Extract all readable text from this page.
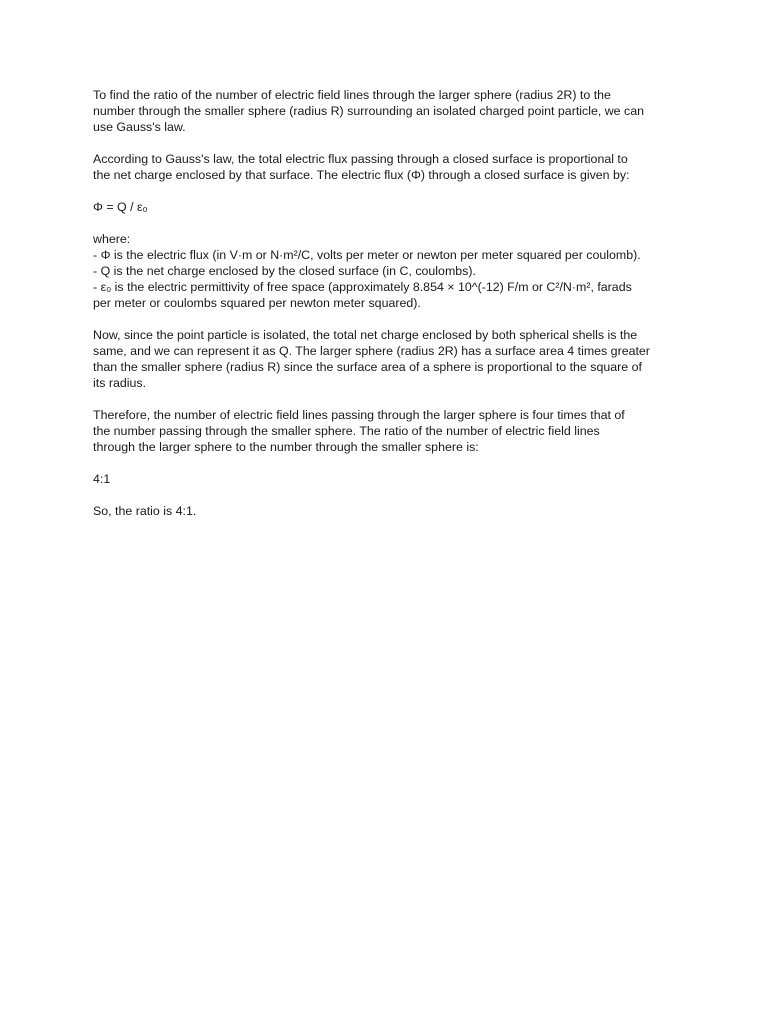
To find the ratio of the number of electric field lines through the larger sphere (radius 2R) to the
number through the smaller sphere (radius R) surrounding an isolated charged point particle, we can
use Gauss's law.

According to Gauss's law, the total electric flux passing through a closed surface is proportional to
the net charge enclosed by that surface. The electric flux (Φ) through a closed surface is given by:

Φ = Q / ε₀

where:
- Φ is the electric flux (in V·m or N·m²/C, volts per meter or newton per meter squared per coulomb).
- Q is the net charge enclosed by the closed surface (in C, coulombs).
- ε₀ is the electric permittivity of free space (approximately 8.854 × 10^(-12) F/m or C²/N·m², farads
per meter or coulombs squared per newton meter squared).

Now, since the point particle is isolated, the total net charge enclosed by both spherical shells is the
same, and we can represent it as Q. The larger sphere (radius 2R) has a surface area 4 times greater
than the smaller sphere (radius R) since the surface area of a sphere is proportional to the square of
its radius.

Therefore, the number of electric field lines passing through the larger sphere is four times that of
the number passing through the smaller sphere. The ratio of the number of electric field lines
through the larger sphere to the number through the smaller sphere is:

4:1

So, the ratio is 4:1.
